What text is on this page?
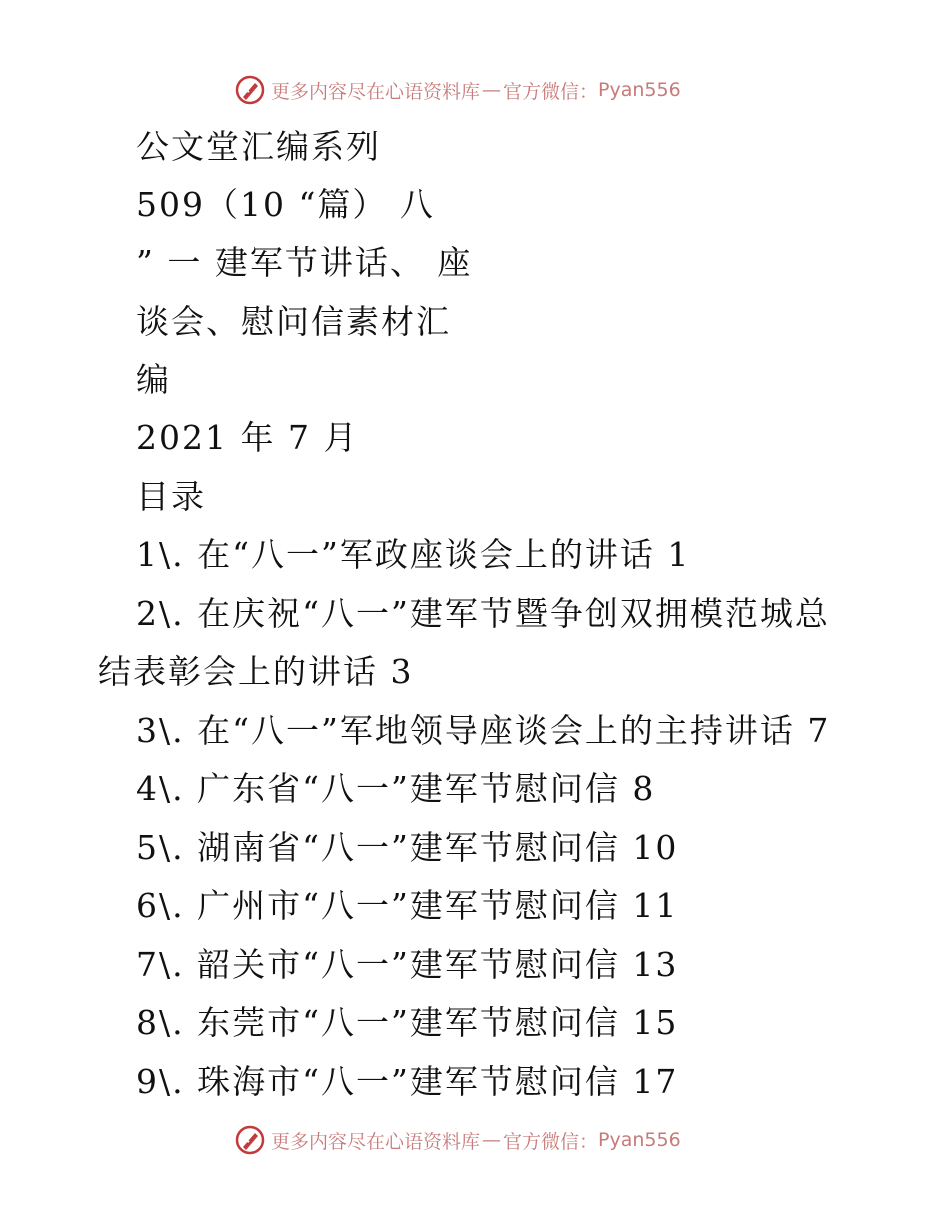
更多内容尽在心语资料库 — 官方微信： Pyan556
公文堂汇编系列
509（10 “篇） 八
” 一 建军节讲话、 座
谈会、慰问信素材汇
编
2021 年 7 月
目录
1\. 在“八一”军政座谈会上的讲话 1
2\. 在庆祝“八一”建军节暨争创双拥模范城总
结表彰会上的讲话 3
3\. 在“八一”军地领导座谈会上的主持讲话 7
4\. 广东省“八一”建军节慰问信 8
5\. 湖南省“八一”建军节慰问信 10
6\. 广州市“八一”建军节慰问信 11
7\. 韶关市“八一”建军节慰问信 13
8\. 东莞市“八一”建军节慰问信 15
9\. 珠海市“八一”建军节慰问信 17
更多内容尽在心语资料库 — 官方微信： Pyan556
